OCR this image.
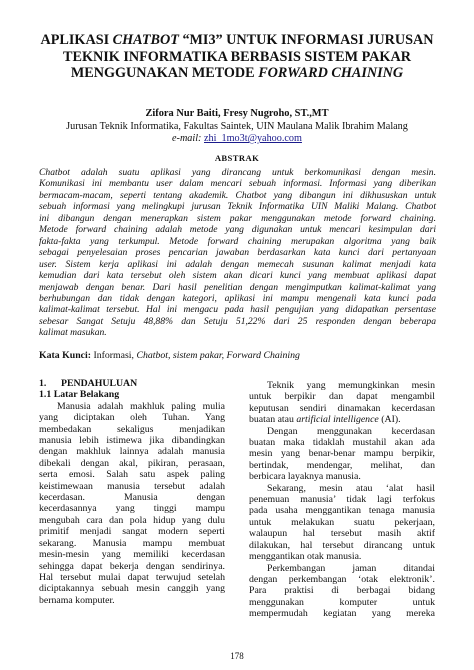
APLIKASI CHATBOT “MI3” UNTUK INFORMASI JURUSAN
TEKNIK INFORMATIKA BERBASIS SISTEM PAKAR
MENGGUNAKAN METODE FORWARD CHAINING

Zifora Nur Baiti, Fresy Nugroho, ST.,MT

Jurusan Teknik Informatika, Fakultas Saintek, UIN Maulana Malik Ibrahim Malang

e-mail: zhi_1mo3t@yahoo.com

ABSTRAK

Chatbot adalah suatu aplikasi yang dirancang untuk berkomunikasi dengan mesin.
Komunikasi ini membantu user dalam mencari sebuah informasi. Informasi yang diberikan
bermacam-macam, seperti tentang akademik. Chatbot yang dibangun ini dikhususkan untuk
sebuah informasi yang melingkupi jurusan Teknik Informatika UIN Maliki Malang. Chatbot
ini dibangun dengan menerapkan sistem pakar menggunakan metode forward chaining.
Metode forward chaining adalah metode yang digunakan untuk mencari kesimpulan dari
fakta-fakta yang terkumpul. Metode forward chaining merupakan algoritma yang baik
sebagai penyelesaian proses pencarian jawaban berdasarkan kata kunci dari pertanyaan
user. Sistem kerja aplikasi ini adalah dengan memecah susunan kalimat menjadi kata
kemudian dari kata tersebut oleh sistem akan dicari kunci yang membuat aplikasi dapat
menjawab dengan benar. Dari hasil penelitian dengan mengimputkan kalimat-kalimat yang
berhubungan dan tidak dengan kategori, aplikasi ini mampu mengenali kata kunci pada
kalimat-kalimat tersebut. Hal ini mengacu pada hasil pengujian yang didapatkan persentase
sebesar Sangat Setuju 48,88% dan Setuju 51,22% dari 25 responden dengan beberapa
kalimat masukan.

Kata Kunci: Informasi, Chatbot, sistem pakar, Forward Chaining

1. PENDAHULUAN
1.1 Latar Belakang
Manusia adalah makhluk paling mulia
yang diciptakan oleh Tuhan. Yang
membedakan sekaligus menjadikan
manusia lebih istimewa jika dibandingkan
dengan makhluk lainnya adalah manusia
dibekali dengan akal, pikiran, perasaan,
serta emosi. Salah satu aspek paling
keistimewaan manusia tersebut adalah
kecerdasan. Manusia dengan
kecerdasannya yang tinggi mampu
mengubah cara dan pola hidup yang dulu
primitif menjadi sangat modern seperti
sekarang. Manusia mampu membuat
mesin-mesin yang memiliki kecerdasan
sehingga dapat bekerja dengan sendirinya.
Hal tersebut mulai dapat terwujud setelah
diciptakannya sebuah mesin canggih yang
bernama komputer.
Teknik yang memungkinkan mesin
untuk berpikir dan dapat mengambil
keputusan sendiri dinamakan kecerdasan
buatan atau artificial intelligence (AI).
Dengan menggunakan kecerdasan
buatan maka tidaklah mustahil akan ada
mesin yang benar-benar mampu berpikir,
bertindak, mendengar, melihat, dan
berbicara layaknya manusia.
Sekarang, mesin atau ‘alat hasil
penemuan manusia’ tidak lagi terfokus
pada usaha menggantikan tenaga manusia
untuk melakukan suatu pekerjaan,
walaupun hal tersebut masih aktif
dilakukan, hal tersebut dirancang untuk
menggantikan otak manusia.
Perkembangan jaman ditandai
dengan perkembangan ‘otak elektronik’.
Para praktisi di berbagai bidang
menggunakan komputer untuk
mempermudah kegiatan yang mereka

178
